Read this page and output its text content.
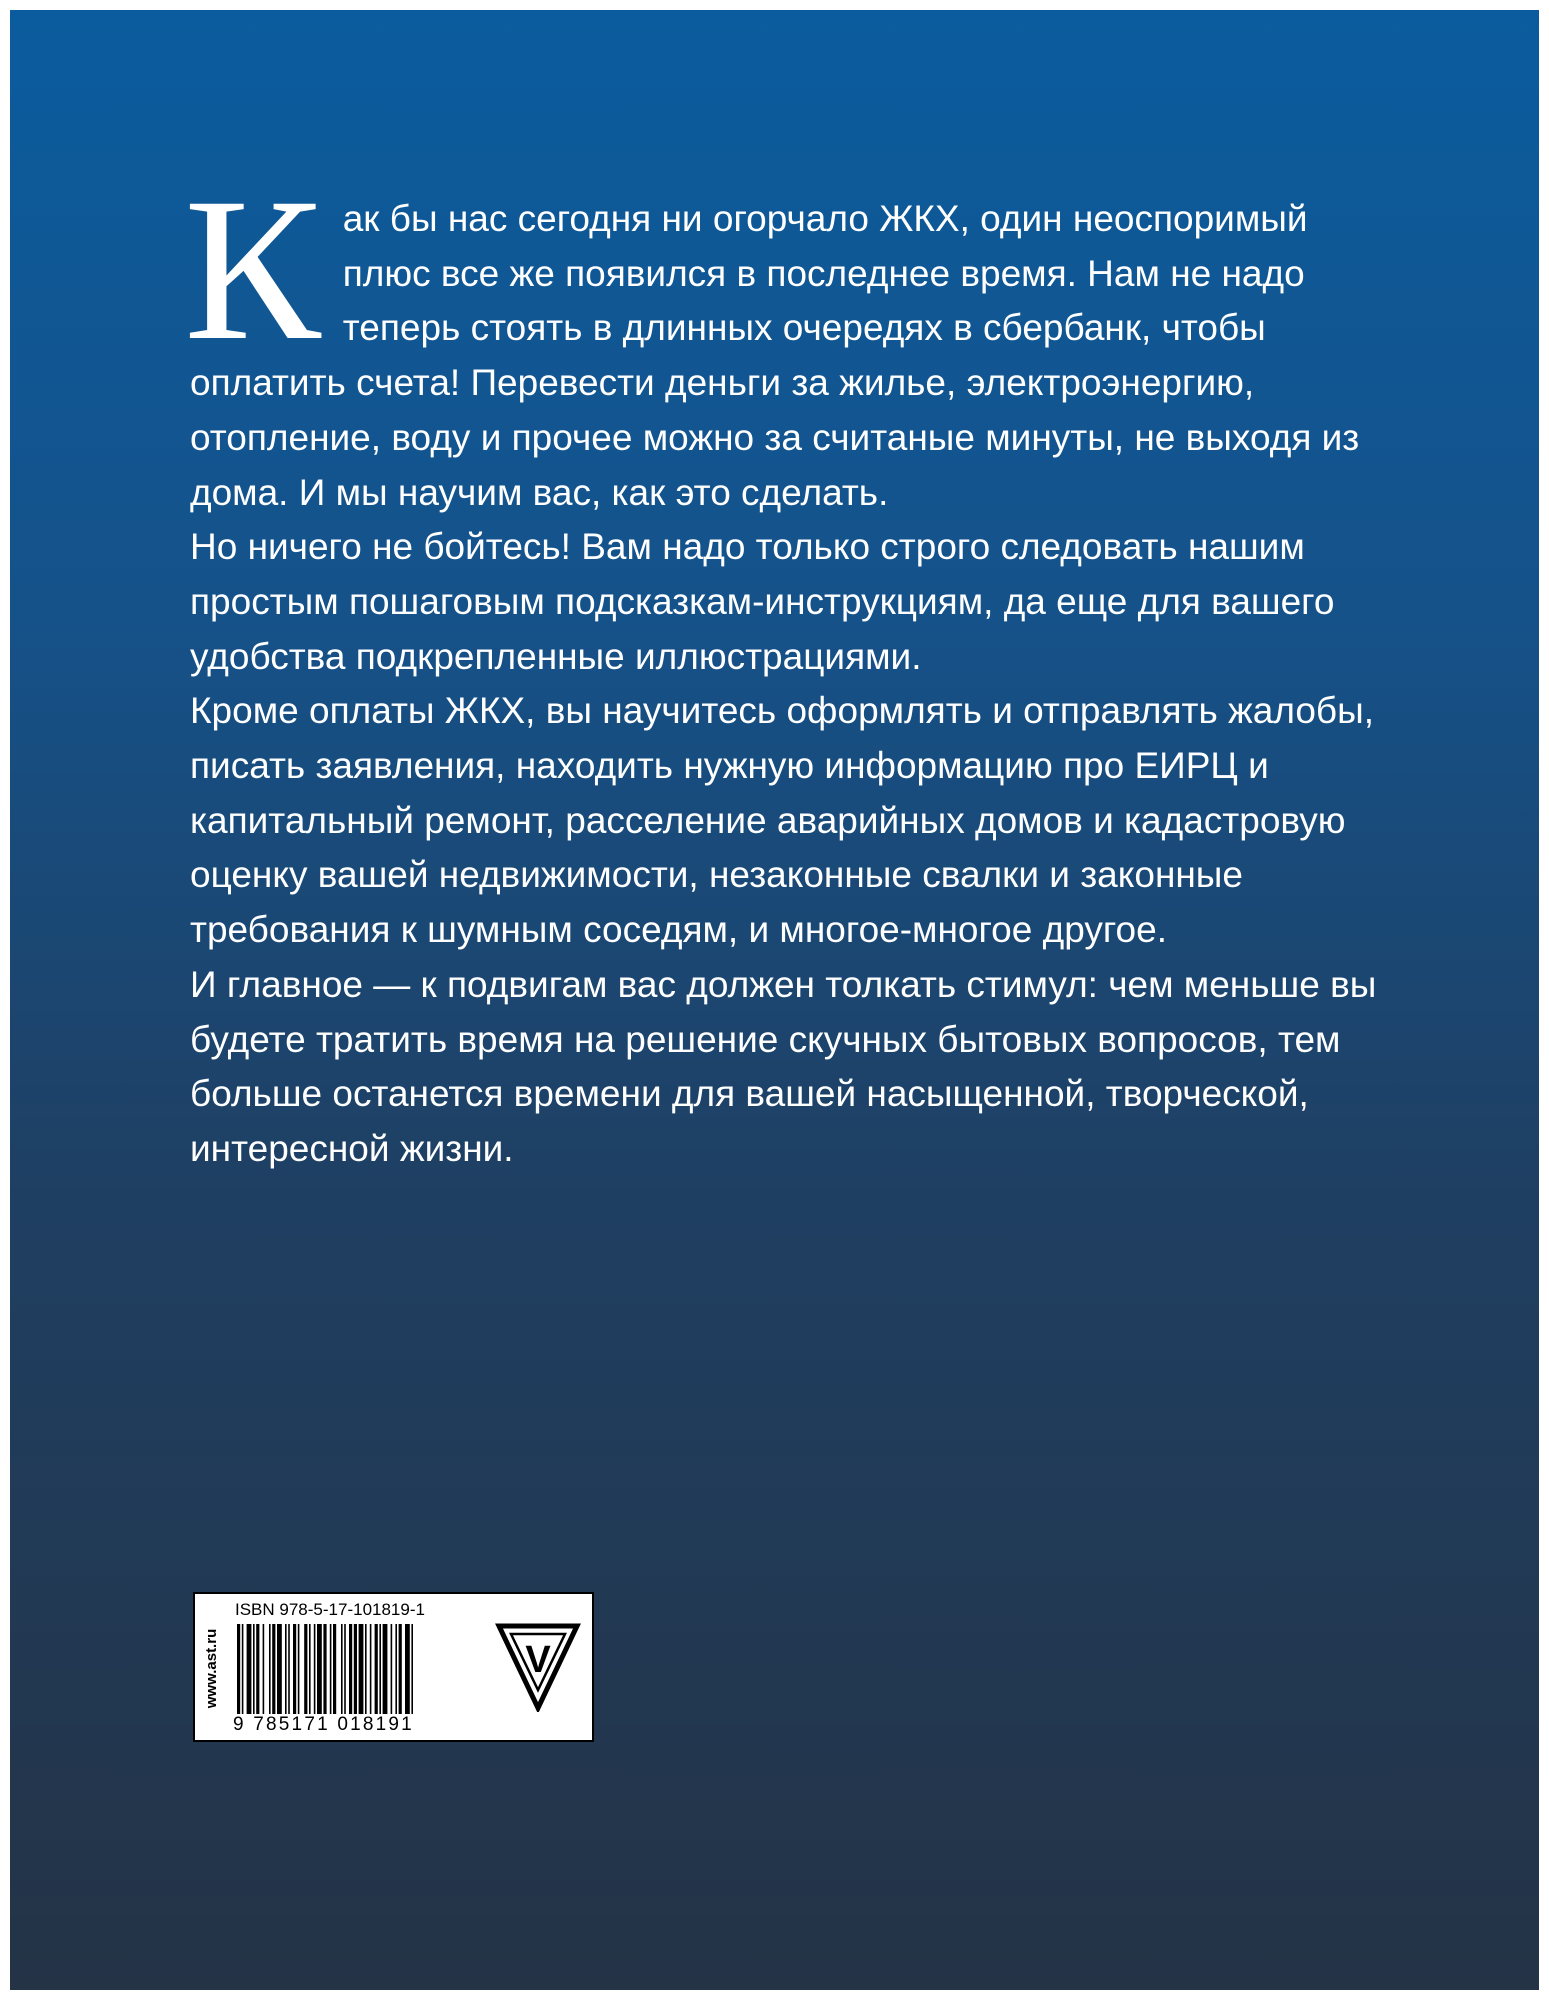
К ак бы нас сегодня ни огорчало ЖКХ, один неоспоримый плюс все же появился в последнее время. Нам не надо теперь стоять в длинных очередях в сбербанк, чтобы оплатить счета! Перевести деньги за жилье, электроэнергию, отопление, воду и прочее можно за считаные минуты, не выходя из дома. И мы научим вас, как это сделать.

Но ничего не бойтесь! Вам надо только строго следовать нашим простым пошаговым подсказкам-инструкциям, да еще для вашего удобства подкрепленные иллюстрациями.

Кроме оплаты ЖКХ, вы научитесь оформлять и отправлять жалобы, писать заявления, находить нужную информацию про ЕИРЦ и капитальный ремонт, расселение аварийных домов и кадастровую оценку вашей недвижимости, незаконные свалки и законные требования к шумным соседям, и многое-многое другое.

И главное — к подвигам вас должен толкать стимул: чем меньше вы будете тратить время на решение скучных бытовых вопросов, тем больше останется времени для вашей насыщенной, творческой, интересной жизни.

www.ast.ru
ISBN 978-5-17-101819-1
9 785171 018191
V
